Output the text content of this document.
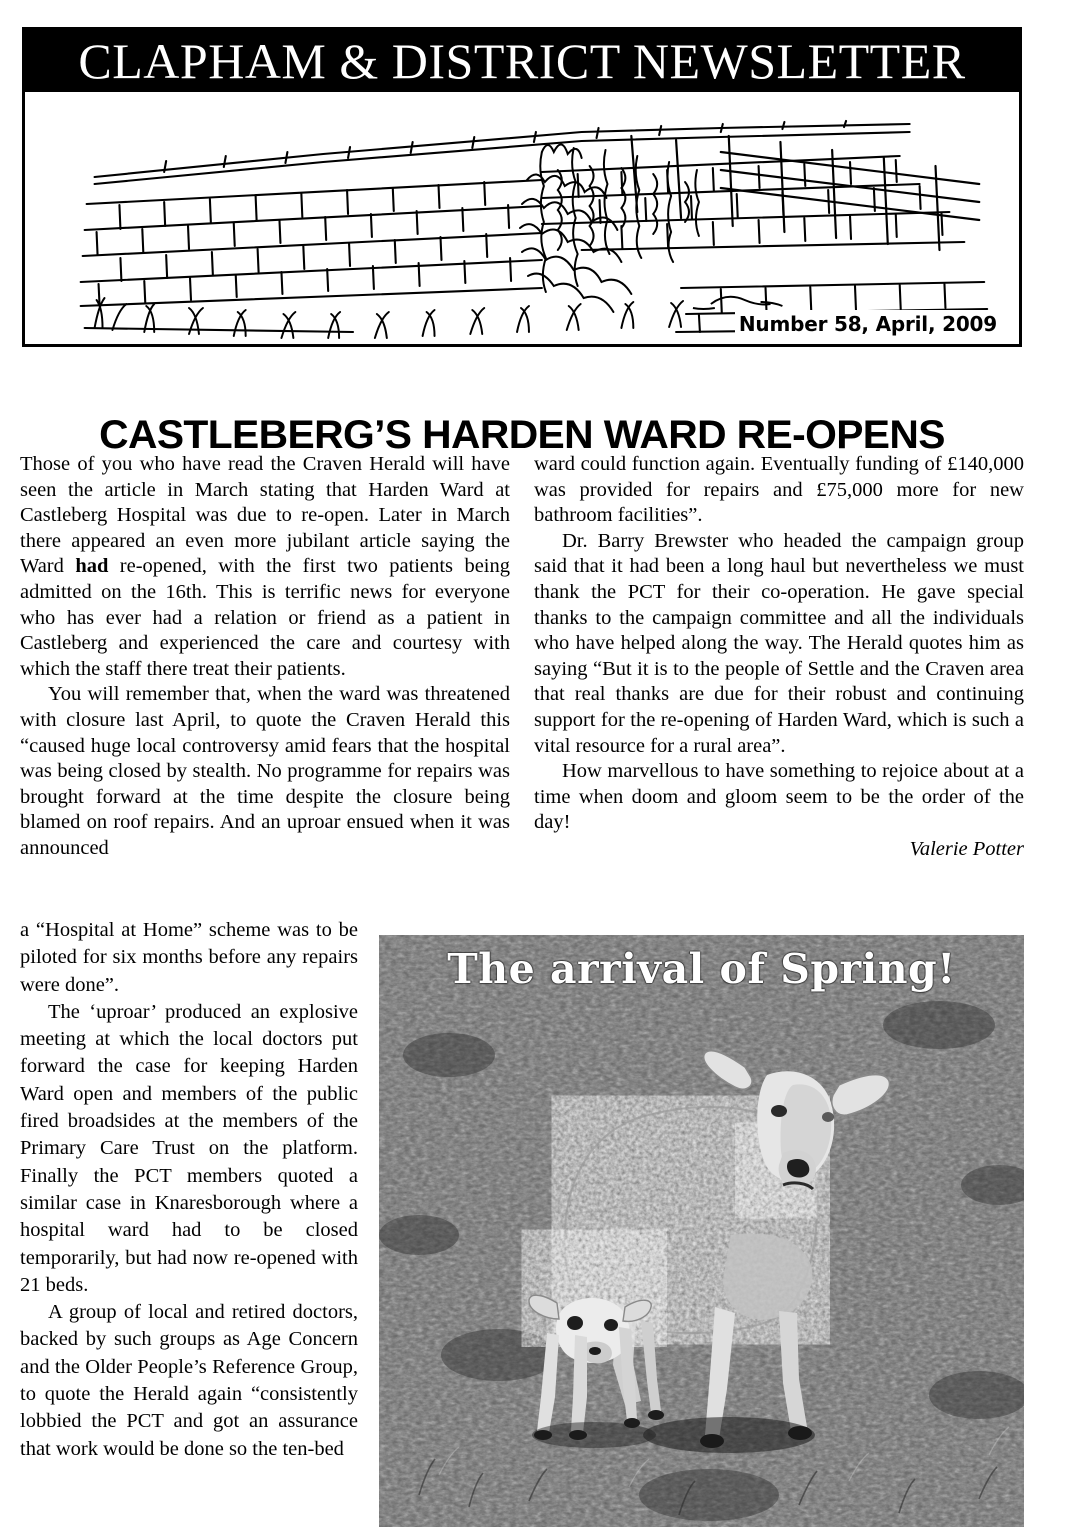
CLAPHAM & DISTRICT NEWSLETTER
Number 58, April, 2009
CASTLEBERG’S HARDEN WARD RE-OPENS

Those of you who have read the Craven Herald will have seen the article in March stating that Harden Ward at Castleberg Hospital was due to re-open. Later in March there appeared an even more jubilant article saying the Ward had re-opened, with the first two patients being admitted on the 16th. This is terrific news for everyone who has ever had a relation or friend as a patient in Castleberg and experienced the care and courtesy with which the staff there treat their patients.

You will remember that, when the ward was threatened with closure last April, to quote the Craven Herald this “caused huge local controversy amid fears that the hospital was being closed by stealth. No programme for repairs was brought forward at the time despite the closure being blamed on roof repairs. And an uproar ensued when it was announced

ward could function again. Eventually funding of £140,000 was provided for repairs and £75,000 more for new bathroom facilities”.

Dr. Barry Brewster who headed the campaign group said that it had been a long haul but nevertheless we must thank the PCT for their co-operation. He gave special thanks to the campaign committee and all the individuals who have helped along the way. The Herald quotes him as saying “But it is to the people of Settle and the Craven area that real thanks are due for their robust and continuing support for the re-opening of Harden Ward, which is such a vital resource for a rural area”.

How marvellous to have something to rejoice about at a time when doom and gloom seem to be the order of the day!

Valerie Potter

a “Hospital at Home” scheme was to be piloted for six months before any repairs were done”.

The ‘uproar’ produced an explosive meeting at which the local doctors put forward the case for keeping Harden Ward open and members of the public fired broadsides at the members of the Primary Care Trust on the platform. Finally the PCT members quoted a similar case in Knaresborough where a hospital ward had to be closed temporarily, but had now re-opened with 21 beds.

A group of local and retired doctors, backed by such groups as Age Concern and the Older People’s Reference Group, to quote the Herald again “consistently lobbied the PCT and got an assurance that work would be done so the ten-bed

The arrival of Spring!
